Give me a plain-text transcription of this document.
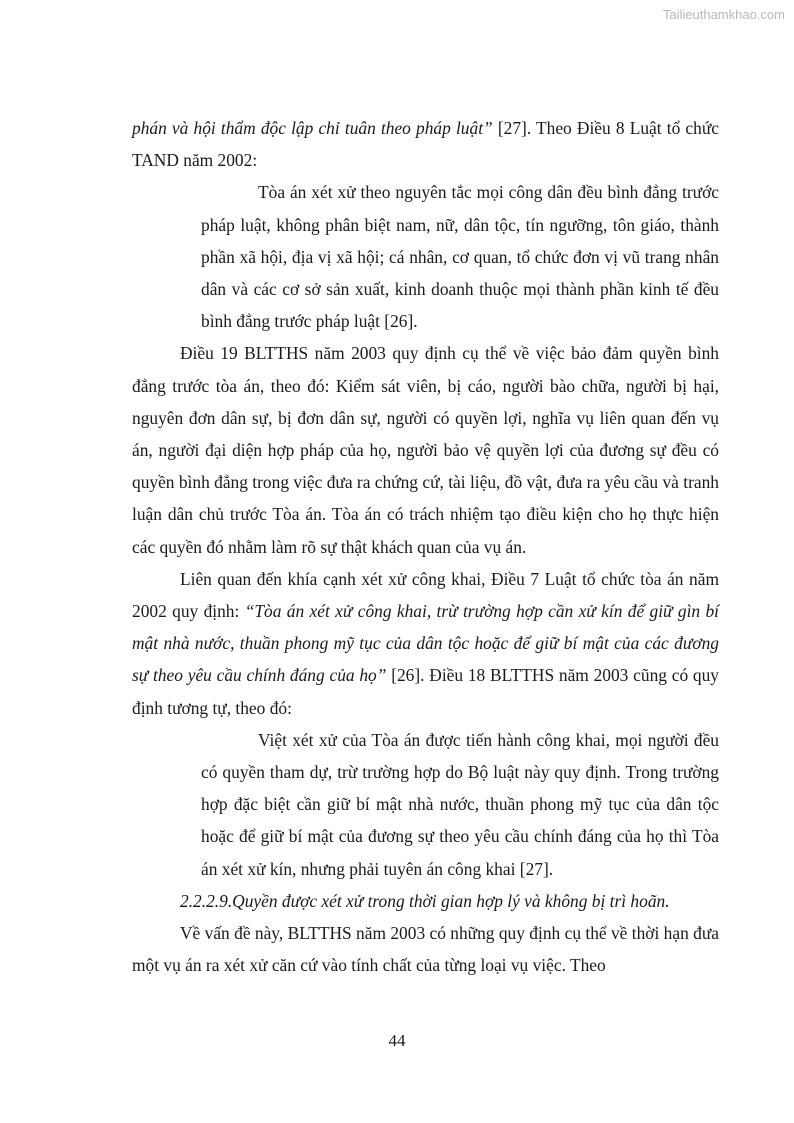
Tailieuthamkhao.com

phán và hội thẩm độc lập chỉ tuân theo pháp luật” [27]. Theo Điều 8 Luật tổ chức TAND năm 2002:

Tòa án xét xử theo nguyên tắc mọi công dân đều bình đẳng trước pháp luật, không phân biệt nam, nữ, dân tộc, tín ngưỡng, tôn giáo, thành phần xã hội, địa vị xã hội; cá nhân, cơ quan, tổ chức đơn vị vũ trang nhân dân và các cơ sở sản xuất, kinh doanh thuộc mọi thành phần kinh tế đều bình đẳng trước pháp luật [26].

Điều 19 BLTTHS năm 2003 quy định cụ thể về việc bảo đảm quyền bình đẳng trước tòa án, theo đó: Kiểm sát viên, bị cáo, người bào chữa, người bị hại, nguyên đơn dân sự, bị đơn dân sự, người có quyền lợi, nghĩa vụ liên quan đến vụ án, người đại diện hợp pháp của họ, người bảo vệ quyền lợi của đương sự đều có quyền bình đẳng trong việc đưa ra chứng cứ, tài liệu, đồ vật, đưa ra yêu cầu và tranh luận dân chủ trước Tòa án. Tòa án có trách nhiệm tạo điều kiện cho họ thực hiện các quyền đó nhằm làm rõ sự thật khách quan của vụ án.

Liên quan đến khía cạnh xét xử công khai, Điều 7 Luật tổ chức tòa án năm 2002 quy định: “Tòa án xét xử công khai, trừ trường hợp cần xử kín để giữ gìn bí mật nhà nước, thuần phong mỹ tục của dân tộc hoặc để giữ bí mật của các đương sự theo yêu cầu chính đáng của họ” [26]. Điều 18 BLTTHS năm 2003 cũng có quy định tương tự, theo đó:

Việt xét xử của Tòa án được tiến hành công khai, mọi người đều có quyền tham dự, trừ trường hợp do Bộ luật này quy định. Trong trường hợp đặc biệt cần giữ bí mật nhà nước, thuần phong mỹ tục của dân tộc hoặc để giữ bí mật của đương sự theo yêu cầu chính đáng của họ thì Tòa án xét xử kín, nhưng phải tuyên án công khai [27].

2.2.2.9.Quyền được xét xử trong thời gian hợp lý và không bị trì hoãn.

Về vấn đề này, BLTTHS năm 2003 có những quy định cụ thể về thời hạn đưa một vụ án ra xét xử căn cứ vào tính chất của từng loại vụ việc. Theo

44
